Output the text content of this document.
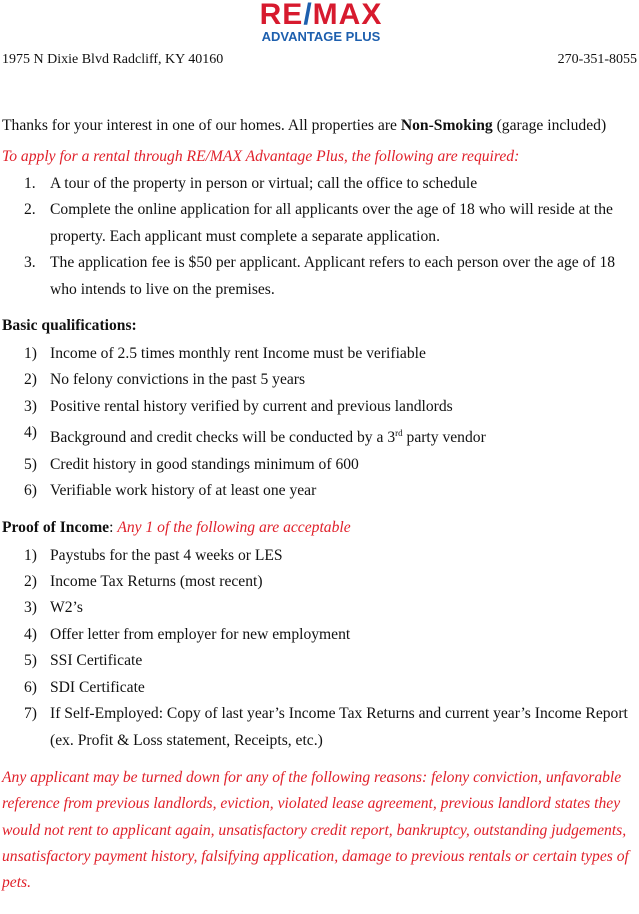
RE/MAX
ADVANTAGE PLUS
1975 N Dixie Blvd Radcliff, KY 40160	270-351-8055

Thanks for your interest in one of our homes. All properties are Non-Smoking (garage included)

To apply for a rental through RE/MAX Advantage Plus, the following are required:

1. A tour of the property in person or virtual; call the office to schedule
2. Complete the online application for all applicants over the age of 18 who will reside at the property. Each applicant must complete a separate application.
3. The application fee is $50 per applicant. Applicant refers to each person over the age of 18 who intends to live on the premises.

Basic qualifications:

1) Income of 2.5 times monthly rent Income must be verifiable
2) No felony convictions in the past 5 years
3) Positive rental history verified by current and previous landlords
4) Background and credit checks will be conducted by a 3rd party vendor
5) Credit history in good standings minimum of 600
6) Verifiable work history of at least one year

Proof of Income: Any 1 of the following are acceptable

1) Paystubs for the past 4 weeks or LES
2) Income Tax Returns (most recent)
3) W2’s
4) Offer letter from employer for new employment
5) SSI Certificate
6) SDI Certificate
7) If Self-Employed: Copy of last year’s Income Tax Returns and current year’s Income Report (ex. Profit & Loss statement, Receipts, etc.)

Any applicant may be turned down for any of the following reasons: felony conviction, unfavorable reference from previous landlords, eviction, violated lease agreement, previous landlord states they would not rent to applicant again, unsatisfactory credit report, bankruptcy, outstanding judgements, unsatisfactory payment history, falsifying application, damage to previous rentals or certain types of pets.
